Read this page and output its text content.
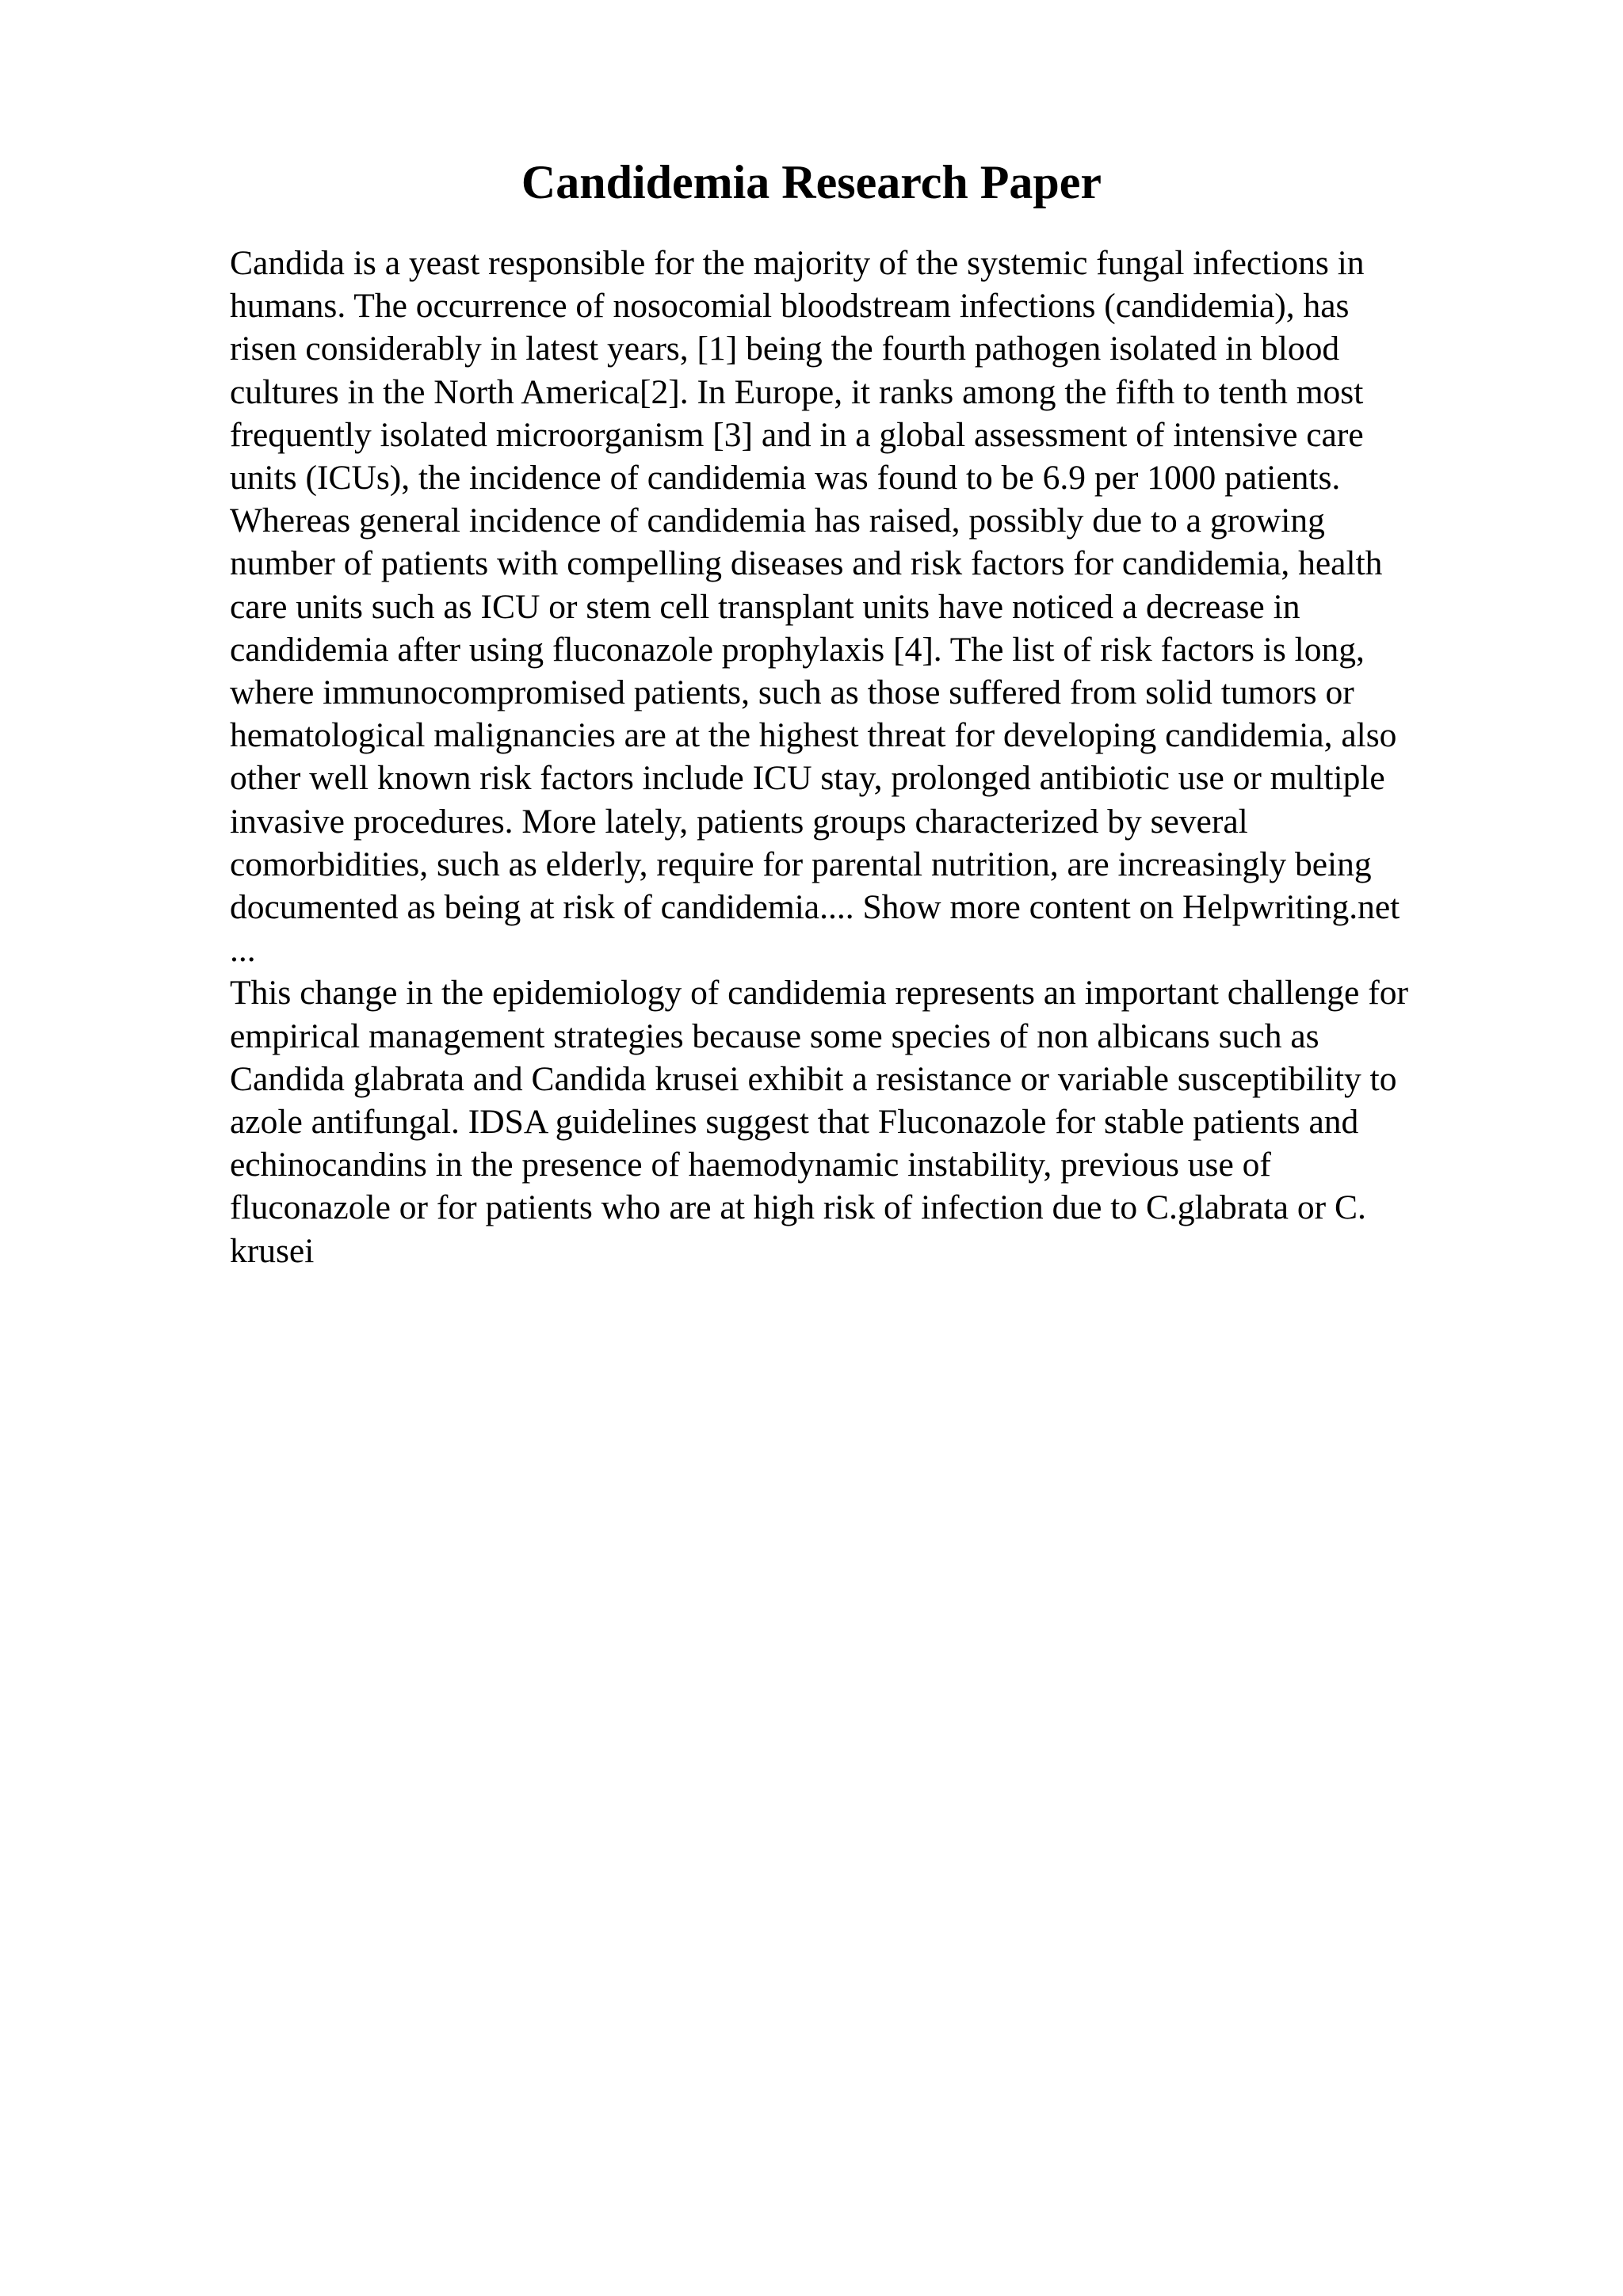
Candidemia Research Paper
Candida is a yeast responsible for the majority of the systemic fungal infections in
humans. The occurrence of nosocomial bloodstream infections (candidemia), has
risen considerably in latest years, [1] being the fourth pathogen isolated in blood
cultures in the North America[2]. In Europe, it ranks among the fifth to tenth most
frequently isolated microorganism [3] and in a global assessment of intensive care
units (ICUs), the incidence of candidemia was found to be 6.9 per 1000 patients.
Whereas general incidence of candidemia has raised, possibly due to a growing
number of patients with compelling diseases and risk factors for candidemia, health
care units such as ICU or stem cell transplant units have noticed a decrease in
candidemia after using fluconazole prophylaxis [4]. The list of risk factors is long,
where immunocompromised patients, such as those suffered from solid tumors or
hematological malignancies are at the highest threat for developing candidemia, also
other well known risk factors include ICU stay, prolonged antibiotic use or multiple
invasive procedures. More lately, patients groups characterized by several
comorbidities, such as elderly, require for parental nutrition, are increasingly being
documented as being at risk of candidemia.... Show more content on Helpwriting.net
...
This change in the epidemiology of candidemia represents an important challenge for
empirical management strategies because some species of non albicans such as
Candida glabrata and Candida krusei exhibit a resistance or variable susceptibility to
azole antifungal. IDSA guidelines suggest that Fluconazole for stable patients and
echinocandins in the presence of haemodynamic instability, previous use of
fluconazole or for patients who are at high risk of infection due to C.glabrata or C.
krusei
